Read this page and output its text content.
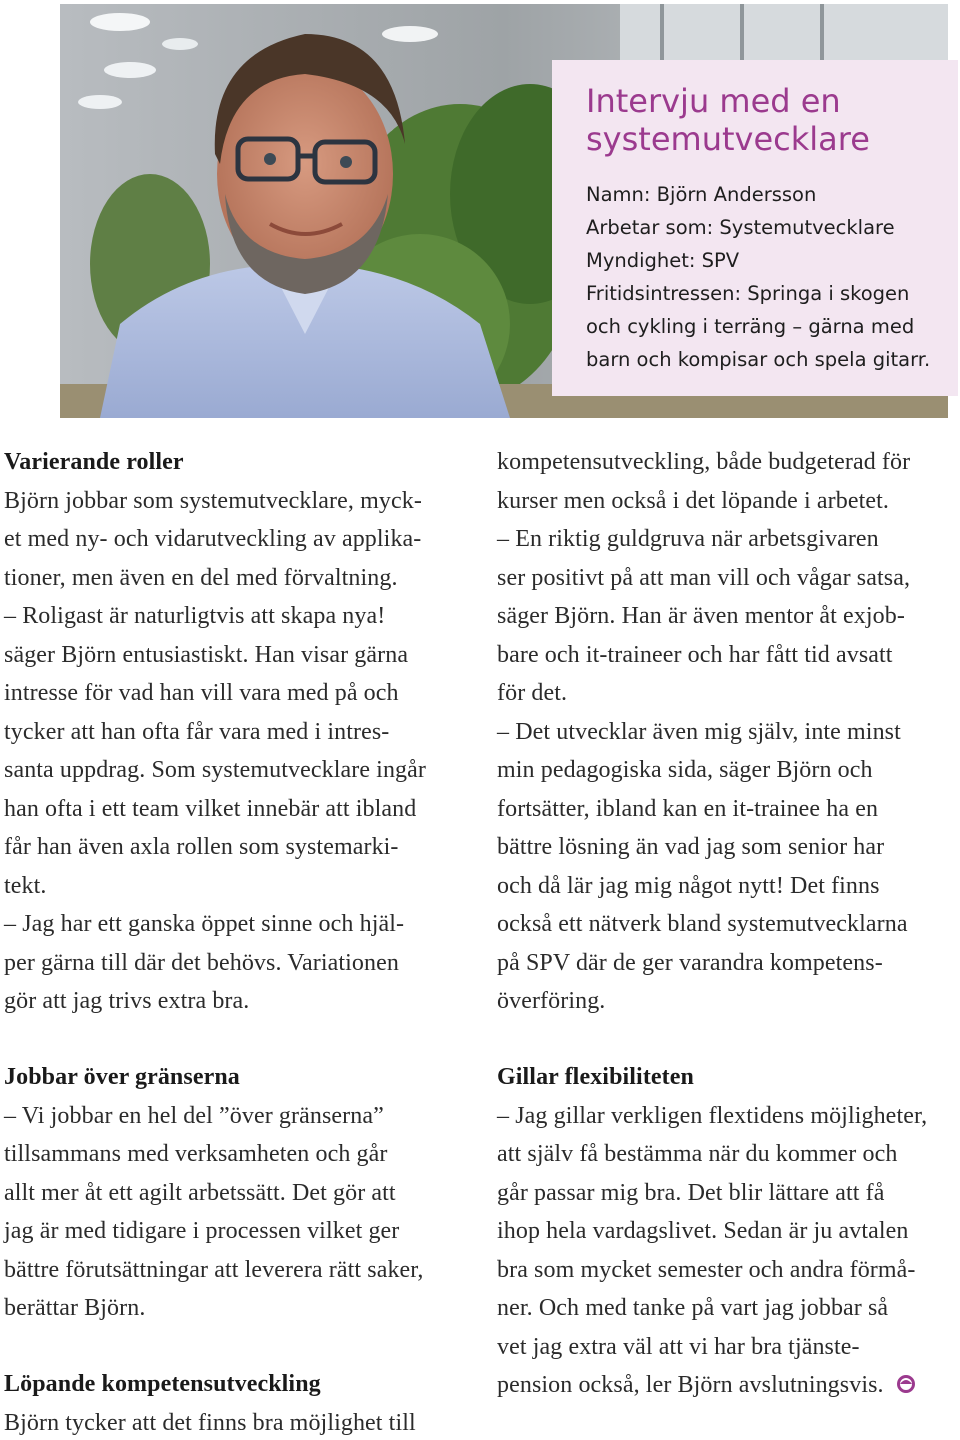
Intervju med en
systemutvecklare
Namn: Björn Andersson
Arbetar som: Systemutvecklare
Myndighet: SPV
Fritidsintressen: Springa i skogen
och cykling i terräng – gärna med
barn och kompisar och spela gitarr.
Varierande roller
Björn jobbar som systemutvecklare, myck-
et med ny- och vidarutveckling av applika-
tioner, men även en del med förvaltning.
– Roligast är naturligtvis att skapa nya!
säger Björn entusiastiskt. Han visar gärna
intresse för vad han vill vara med på och
tycker att han ofta får vara med i intres-
santa uppdrag. Som systemutvecklare ingår
han ofta i ett team vilket innebär att ibland
får han även axla rollen som systemarki-
tekt.
– Jag har ett ganska öppet sinne och hjäl-
per gärna till där det behövs. Variationen
gör att jag trivs extra bra.
Jobbar över gränserna
– Vi jobbar en hel del ”över gränserna”
tillsammans med verksamheten och går
allt mer åt ett agilt arbetssätt. Det gör att
jag är med tidigare i processen vilket ger
bättre förutsättningar att leverera rätt saker,
berättar Björn.
Löpande kompetensutveckling
Björn tycker att det finns bra möjlighet till
kompetensutveckling, både budgeterad för
kurser men också i det löpande i arbetet.
– En riktig guldgruva när arbetsgivaren
ser positivt på att man vill och vågar satsa,
säger Björn. Han är även mentor åt exjob-
bare och it-traineer och har fått tid avsatt
för det.
– Det utvecklar även mig själv, inte minst
min pedagogiska sida, säger Björn och
fortsätter, ibland kan en it-trainee ha en
bättre lösning än vad jag som senior har
och då lär jag mig något nytt! Det finns
också ett nätverk bland systemutvecklarna
på SPV där de ger varandra kompetens-
överföring.
Gillar flexibiliteten
– Jag gillar verkligen flextidens möjligheter,
att själv få bestämma när du kommer och
går passar mig bra. Det blir lättare att få
ihop hela vardagslivet. Sedan är ju avtalen
bra som mycket semester och andra förmå-
ner. Och med tanke på vart jag jobbar så
vet jag extra väl att vi har bra tjänste-
pension också, ler Björn avslutningsvis.
